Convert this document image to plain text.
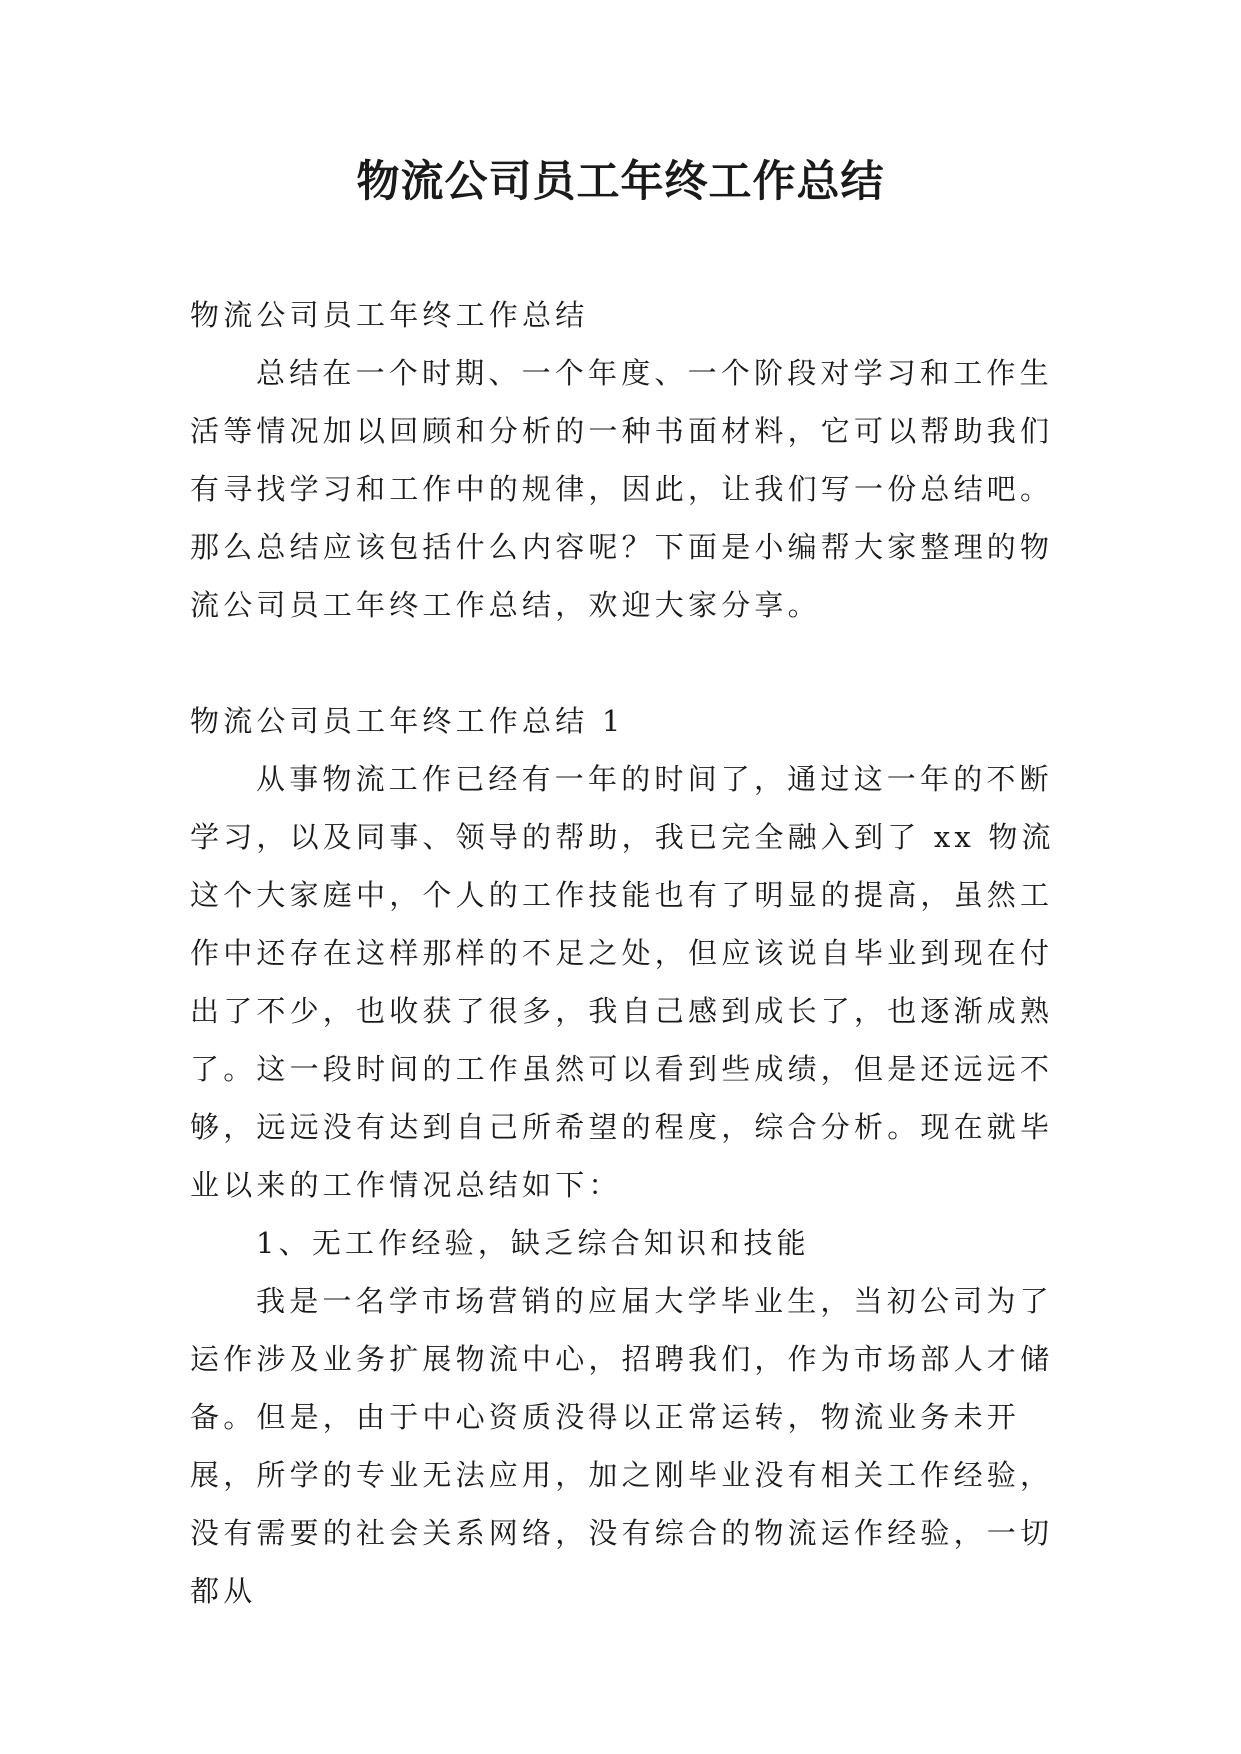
物流公司员工年终工作总结

物流公司员工年终工作总结

总结在一个时期、一个年度、一个阶段对学习和工作生活等情况加以回顾和分析的一种书面材料，它可以帮助我们有寻找学习和工作中的规律，因此，让我们写一份总结吧。那么总结应该包括什么内容呢？下面是小编帮大家整理的物流公司员工年终工作总结，欢迎大家分享。

物流公司员工年终工作总结 1

从事物流工作已经有一年的时间了，通过这一年的不断学习，以及同事、领导的帮助，我已完全融入到了 xx 物流这个大家庭中，个人的工作技能也有了明显的提高，虽然工作中还存在这样那样的不足之处，但应该说自毕业到现在付出了不少，也收获了很多，我自己感到成长了，也逐渐成熟了。这一段时间的工作虽然可以看到些成绩，但是还远远不够，远远没有达到自己所希望的程度，综合分析。现在就毕业以来的工作情况总结如下：

1、无工作经验，缺乏综合知识和技能

我是一名学市场营销的应届大学毕业生，当初公司为了运作涉及业务扩展物流中心，招聘我们，作为市场部人才储备。但是，由于中心资质没得以正常运转，物流业务未开展，所学的专业无法应用，加之刚毕业没有相关工作经验，没有需要的社会关系网络，没有综合的物流运作经验，一切都从
